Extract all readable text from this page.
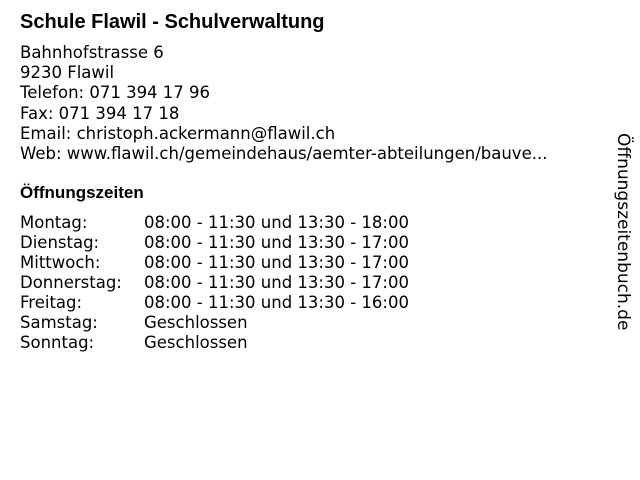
Schule Flawil - Schulverwaltung
Bahnhofstrasse 6
9230 Flawil
Telefon: 071 394 17 96
Fax: 071 394 17 18
Email: christoph.ackermann@flawil.ch
Web: www.flawil.ch/gemeindehaus/aemter-abteilungen/bauve...
Öffnungszeiten
Montag:	08:00 - 11:30 und 13:30 - 18:00
Dienstag:	08:00 - 11:30 und 13:30 - 17:00
Mittwoch:	08:00 - 11:30 und 13:30 - 17:00
Donnerstag:	08:00 - 11:30 und 13:30 - 17:00
Freitag:	08:00 - 11:30 und 13:30 - 16:00
Samstag:	Geschlossen
Sonntag:	Geschlossen
Öffnungszeitenbuch.de
